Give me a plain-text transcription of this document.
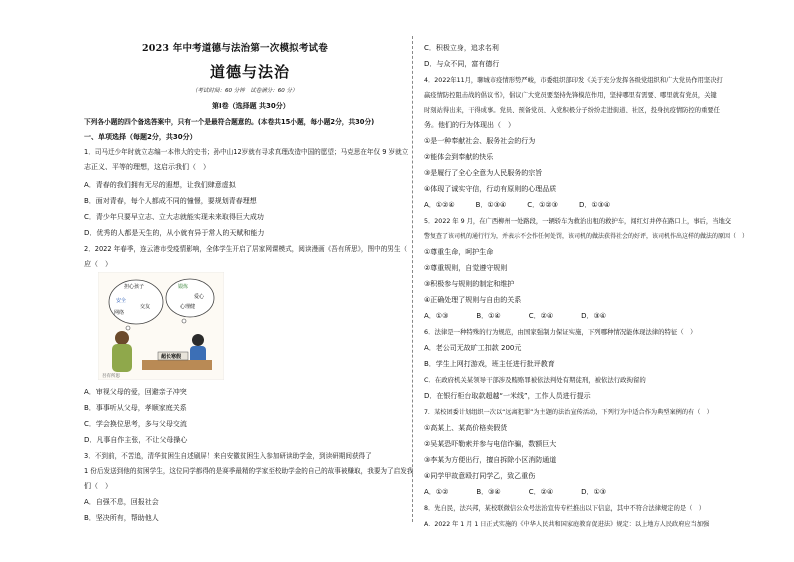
2023 年中考道德与法治第一次模拟考试卷
道德与法治
（考试时间：60 分钟　试卷满分：60 分）
第Ⅰ卷（选择题 共30分）
下列各小题的四个备选答案中，只有一个是最符合题意的。(本卷共15小题，每小题2分，共30分)
一、单项选择（每题2分，共30分）
1．司马迁少年时就立志编一本伟大的史书；孙中山12岁就有寻求真理改造中国的愿望；马克思在年仅 9 岁就立
志正义、平等的理想，这启示我们（　）
A．青春的我们拥有无尽的遐想，让我们肆意虚拟
B．面对青春，每个人都成不同的憧憬，要规划青春理想
C．青少年只要早立志、立大志就能实现未来取得巨大成功
D．优秀的人都是天生的，从小就有异于常人的天赋和能力
2．2022 年春季，连云港市受疫情影响，全体学生开启了居家网课模式，阅读漫画《吾有所思》，图中的男生（
应（　）
A．审视父母的爱，回避亲子冲突
B．事事听从父母，孝顺家庭关系
C．学会换位思考，多与父母交流
D．凡事自作主张，不让父母操心
3．不到前，不苦追，清华贫困生自述刷屏！来自安徽贫困生入参加研读助学金，到读研期间获得了
1 份后发送到他的贫困学生，这位同学都得的是赛季最精的学家至校助学金的自己的故事被赚取，我要为了启发我
们（　）
A．自强不息，回报社会
B．坚决所有，帮助他人
担心孩子
安全
网络
交友
锻炼
爱心
心理健
超长寒假
吾有所思
C．积极立身，追求名利
D．与众不同，富有德行
4．2022年11月，聊城市疫情形势严峻，市委组织部印发《关于充分发挥各级党组织和广大党员作用坚决打
赢疫情防控阻击战的倡议书》，倡议广大党员要坚持先锋模范作用，坚持哪里有需要、哪里就有党员，关键
时刻站得出来，干得成事。党员、预备党员、入党积极分子纷纷走进街道、社区，投身抗疫情防控的重要任
务。他们的行为体现出（　）
①是一种奉献社会、服务社会的行为
②能体会到奉献的快乐
③是履行了全心全意为人民服务的宗旨
④体现了诚实守信，行动有原则的心理品质
A．①②④　　　B．①③④　　　C．①②③　　　D．①③④
5．2022 年 9 月，在广西柳州一处路段，一辆轿车为救治出租的救护车，闯红灯并停在路口上，事后，当地交
警复查了该司机的通行行为，并表示不会作任何处罚，该司机的做法获得社会的好评，该司机作出这样的做法的原因（　）
①尊重生命，呵护生命
②尊重规则，自觉遵守规则
③积极参与规则的制定和维护
④正确处理了规则与自由的关系
A．①③　　　　B．①④　　　　C．②④　　　　D．③④
6．法律是一种特殊的行为规范，由国家强制力保证实施，下列哪种情况能体现法律的特征（　）
A．老公司无故旷工扣款 200元
B．学生上网打游戏，班主任进行批评教育
C．在政府机关某领导干部涉及贿赂罪被依法判处有期徒刑，被依法行政拘留的
D．在银行柜台取款超越“一米线”，工作人员进行提示
7．某校团委计划组织一次以“远离犯罪”为主题的法治宣传活动，下列行为中适合作为典型案例的有（　）
①高某上、某高价格卖假货
②吴某恐吓勒索并参与电信诈骗，数额巨大
③李某为方便出行，擅自拆除小区消防通道
④同学甲故意殴打同学乙，致乙重伤
A．①②　　　　B．③④　　　　C．②④　　　　D．①③
8．先自民，法兴邦，某校联微信公众号法治宣传专栏推出以下信息，其中不符合法律规定的是（　）
A．2022 年 1 月 1 日正式实施的《中华人民共和国家庭教育促进法》规定：以上地方人民政府应当加强
